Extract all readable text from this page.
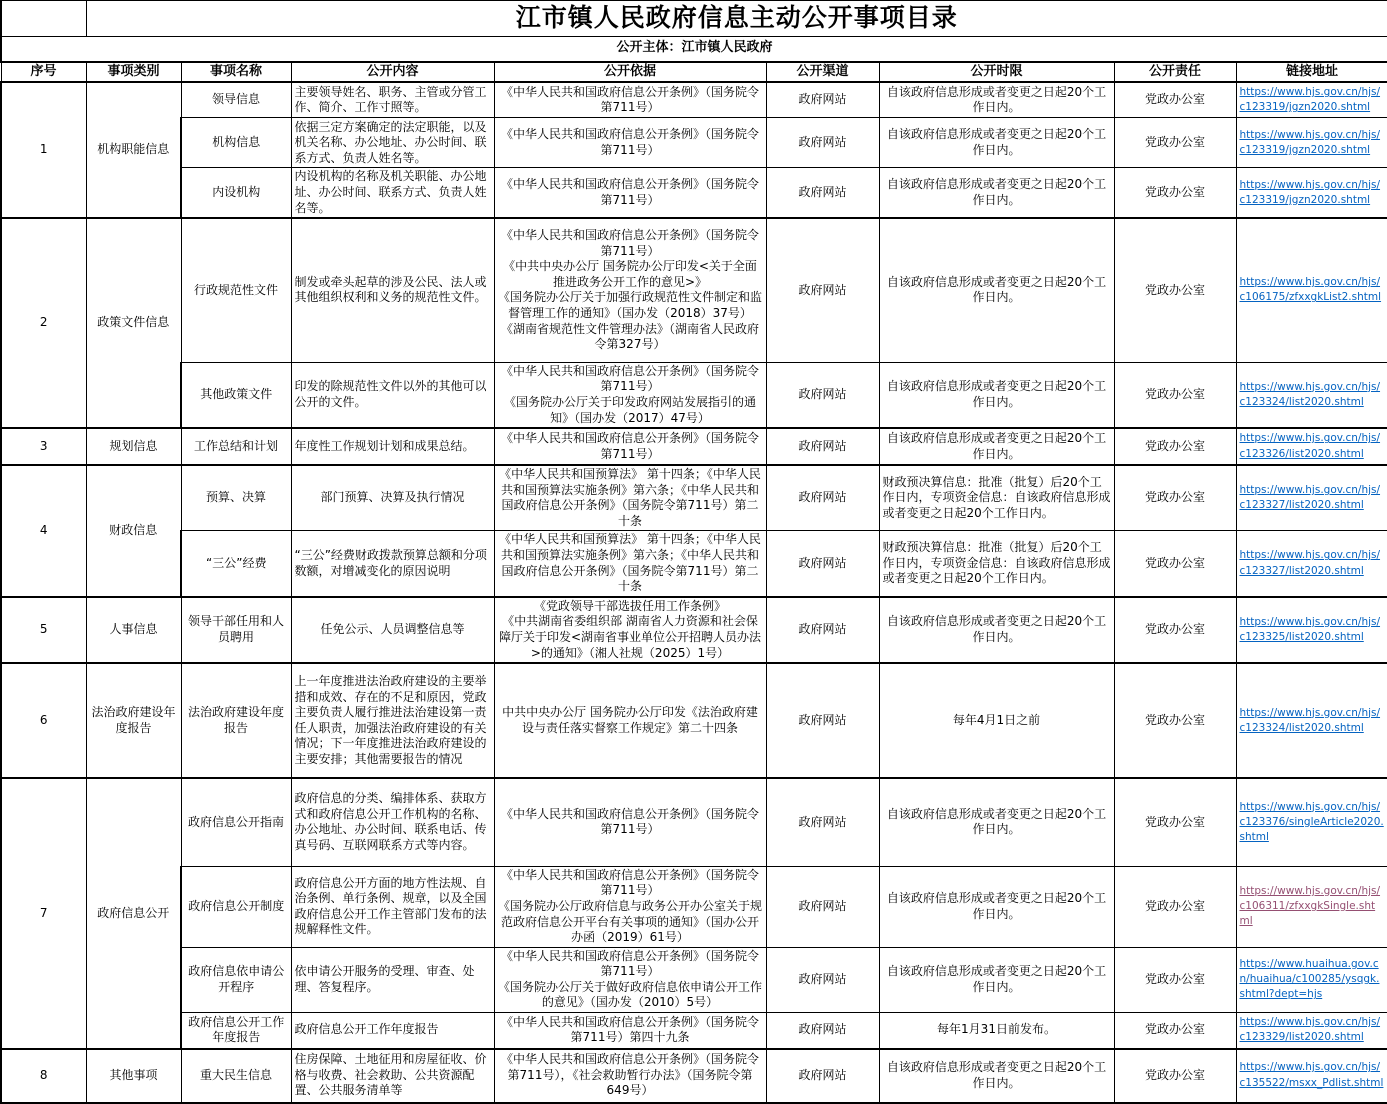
	江市镇人民政府信息主动公开事项目录							
公开主体：江市镇人民政府								
序号	事项类别	事项名称	公开内容	公开依据	公开渠道	公开时限	公开责任	链接地址
1	机构职能信息	领导信息	主要领导姓名、职务、主管或分管工作、简介、工作寸照等。	《中华人民共和国政府信息公开条例》（国务院令第711号）	政府网站	自该政府信息形成或者变更之日起20个工作日内。	党政办公室	https://www.hjs.gov.cn/hjs/c123319/jgzn2020.shtml
		机构信息	依据三定方案确定的法定职能，以及机关名称、办公地址、办公时间、联系方式、负责人姓名等。	《中华人民共和国政府信息公开条例》（国务院令第711号）	政府网站	自该政府信息形成或者变更之日起20个工作日内。	党政办公室	https://www.hjs.gov.cn/hjs/c123319/jgzn2020.shtml
		内设机构	内设机构的名称及机关职能、办公地址、办公时间、联系方式、负责人姓名等。	《中华人民共和国政府信息公开条例》（国务院令第711号）	政府网站	自该政府信息形成或者变更之日起20个工作日内。	党政办公室	https://www.hjs.gov.cn/hjs/c123319/jgzn2020.shtml
2	政策文件信息	行政规范性文件	制发或牵头起草的涉及公民、法人或其他组织权利和义务的规范性文件。	《中华人民共和国政府信息公开条例》（国务院令第711号）
《中共中央办公厅 国务院办公厅印发<关于全面推进政务公开工作的意见>》
《国务院办公厅关于加强行政规范性文件制定和监督管理工作的通知》（国办发（2018）37号）
《湖南省规范性文件管理办法》（湖南省人民政府令第327号）	政府网站	自该政府信息形成或者变更之日起20个工作日内。	党政办公室	https://www.hjs.gov.cn/hjs/c106175/zfxxgkList2.shtml
		其他政策文件	印发的除规范性文件以外的其他可以公开的文件。	《中华人民共和国政府信息公开条例》（国务院令第711号）
《国务院办公厅关于印发政府网站发展指引的通知》（国办发（2017）47号）	政府网站	自该政府信息形成或者变更之日起20个工作日内。	党政办公室	https://www.hjs.gov.cn/hjs/c123324/list2020.shtml
3	规划信息	工作总结和计划	年度性工作规划计划和成果总结。	《中华人民共和国政府信息公开条例》（国务院令第711号）	政府网站	自该政府信息形成或者变更之日起20个工作日内。	党政办公室	https://www.hjs.gov.cn/hjs/c123326/list2020.shtml
4	财政信息	预算、决算	部门预算、决算及执行情况	《中华人民共和国预算法》 第十四条；《中华人民共和国预算法实施条例》第六条；《中华人民共和国政府信息公开条例》（国务院令第711号）第二十条	政府网站	财政预决算信息：批准（批复）后20个工作日内，专项资金信息：自该政府信息形成或者变更之日起20个工作日内。	党政办公室	https://www.hjs.gov.cn/hjs/c123327/list2020.shtml
		“三公”经费	“三公”经费财政拨款预算总额和分项数额，对增减变化的原因说明	《中华人民共和国预算法》 第十四条；《中华人民共和国预算法实施条例》第六条；《中华人民共和国政府信息公开条例》（国务院令第711号）第二十条	政府网站	财政预决算信息：批准（批复）后20个工作日内，专项资金信息：自该政府信息形成或者变更之日起20个工作日内。	党政办公室	https://www.hjs.gov.cn/hjs/c123327/list2020.shtml
5	人事信息	领导干部任用和人员聘用	任免公示、人员调整信息等	《党政领导干部选拔任用工作条例》
《中共湖南省委组织部 湖南省人力资源和社会保障厅关于印发<湖南省事业单位公开招聘人员办法>的通知》（湘人社规（2025）1号）	政府网站	自该政府信息形成或者变更之日起20个工作日内。	党政办公室	https://www.hjs.gov.cn/hjs/c123325/list2020.shtml
6	法治政府建设年度报告	法治政府建设年度报告	上一年度推进法治政府建设的主要举措和成效、存在的不足和原因，党政主要负责人履行推进法治建设第一责任人职责，加强法治政府建设的有关情况；下一年度推进法治政府建设的主要安排；其他需要报告的情况	中共中央办公厅 国务院办公厅印发《法治政府建设与责任落实督察工作规定》第二十四条	政府网站	每年4月1日之前	党政办公室	https://www.hjs.gov.cn/hjs/c123324/list2020.shtml
7	政府信息公开	政府信息公开指南	政府信息的分类、编排体系、获取方式和政府信息公开工作机构的名称、办公地址、办公时间、联系电话、传真号码、互联网联系方式等内容。	《中华人民共和国政府信息公开条例》（国务院令第711号）	政府网站	自该政府信息形成或者变更之日起20个工作日内。	党政办公室	https://www.hjs.gov.cn/hjs/c123376/singleArticle2020.shtml
		政府信息公开制度	政府信息公开方面的地方性法规、自治条例、单行条例、规章，以及全国政府信息公开工作主管部门发布的法规解释性文件。	《中华人民共和国政府信息公开条例》（国务院令第711号）
《国务院办公厅政府信息与政务公开办公室关于规范政府信息公开平台有关事项的通知》（国办公开办函（2019）61号）	政府网站	自该政府信息形成或者变更之日起20个工作日内。	党政办公室	https://www.hjs.gov.cn/hjs/c106311/zfxxgkSingle.shtml
		政府信息依申请公开程序	依申请公开服务的受理、审查、处理、答复程序。	《中华人民共和国政府信息公开条例》（国务院令第711号）
《国务院办公厅关于做好政府信息依申请公开工作的意见》（国办发（2010）5号）	政府网站	自该政府信息形成或者变更之日起20个工作日内。	党政办公室	https://www.huaihua.gov.cn/huaihua/c100285/ysqgk.shtml?dept=hjs
		政府信息公开工作年度报告	政府信息公开工作年度报告	《中华人民共和国政府信息公开条例》（国务院令第711号）第四十九条	政府网站	每年1月31日前发布。	党政办公室	https://www.hjs.gov.cn/hjs/c123329/list2020.shtml
8	其他事项	重大民生信息	住房保障、土地征用和房屋征收、价格与收费、社会救助、公共资源配置、公共服务清单等	《中华人民共和国政府信息公开条例》（国务院令第711号），《社会救助暂行办法》（国务院令第649号）	政府网站	自该政府信息形成或者变更之日起20个工作日内。	党政办公室	https://www.hjs.gov.cn/hjs/c135522/msxx_Pdlist.shtml
